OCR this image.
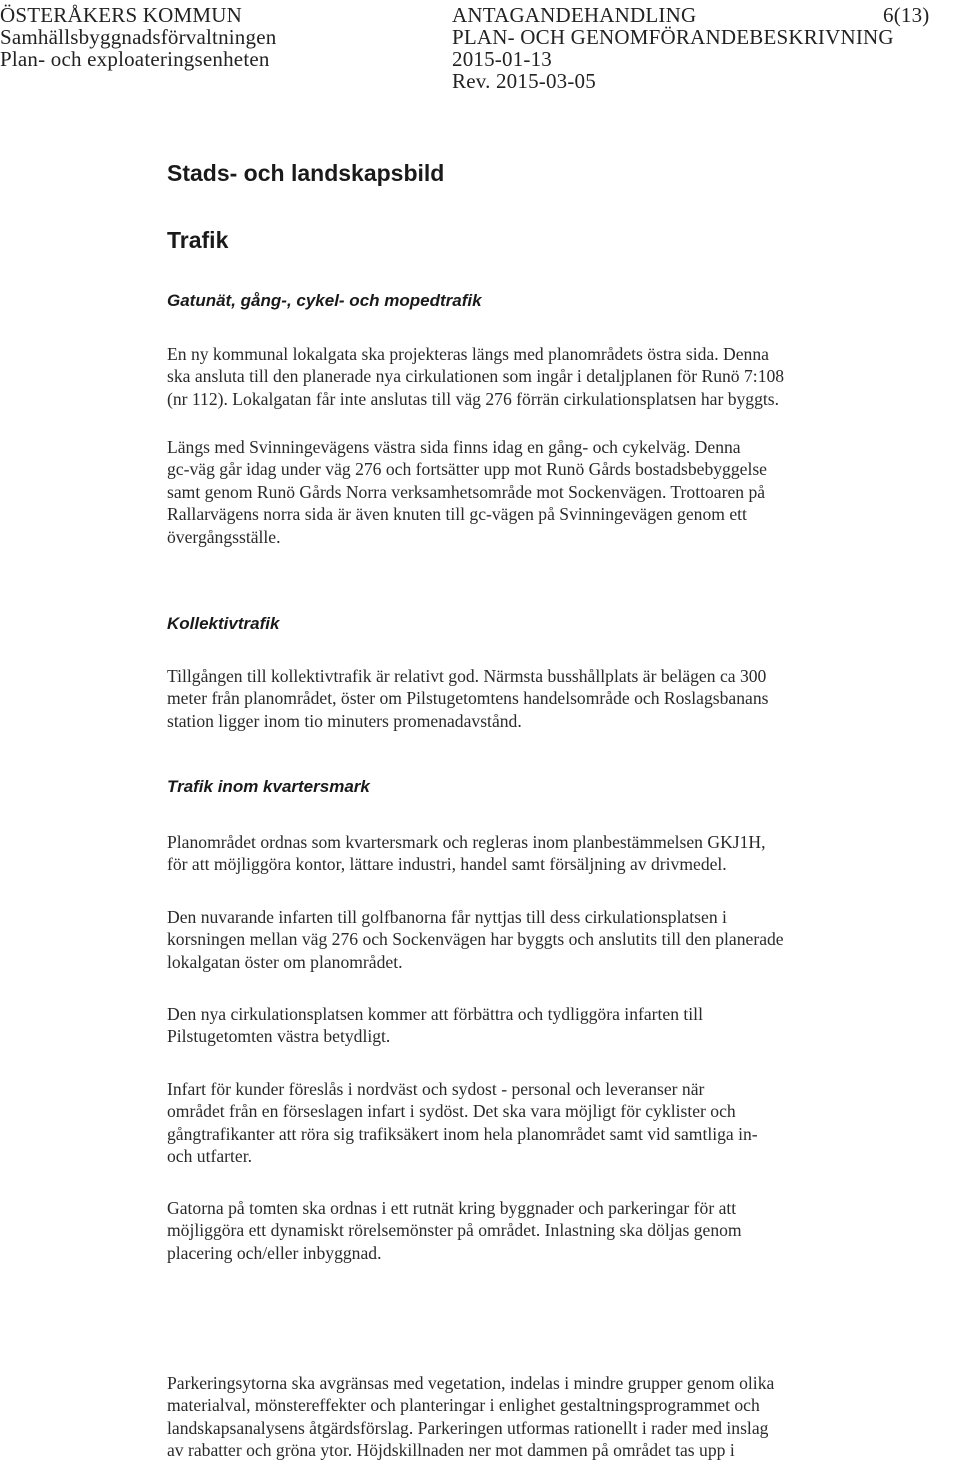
ÖSTERÅKERS KOMMUN
Samhällsbyggnadsförvaltningen
Plan- och exploateringsenheten
ANTAGANDEHANDLING
PLAN- OCH GENOMFÖRANDEBESKRIVNING
2015-01-13
Rev. 2015-03-05
6(13)
Stads- och landskapsbild
Trafik
Gatunät, gång-, cykel- och mopedtrafik
En ny kommunal lokalgata ska projekteras längs med planområdets östra sida. Denna
ska ansluta till den planerade nya cirkulationen som ingår i detaljplanen för Runö 7:108
(nr 112). Lokalgatan får inte anslutas till väg 276 förrän cirkulationsplatsen har byggts.
Längs med Svinningevägens västra sida finns idag en gång- och cykelväg. Denna
gc-väg går idag under väg 276 och fortsätter upp mot Runö Gårds bostadsbebyggelse
samt genom Runö Gårds Norra verksamhetsområde mot Sockenvägen. Trottoaren på
Rallarvägens norra sida är även knuten till gc-vägen på Svinningevägen genom ett
övergångsställe.
Kollektivtrafik
Tillgången till kollektivtrafik är relativt god. Närmsta busshållplats är belägen ca 300
meter från planområdet, öster om Pilstugetomtens handelsområde och Roslagsbanans
station ligger inom tio minuters promenadavstånd.
Trafik inom kvartersmark
Planområdet ordnas som kvartersmark och regleras inom planbestämmelsen GKJ1H,
för att möjliggöra kontor, lättare industri, handel samt försäljning av drivmedel.
Den nuvarande infarten till golfbanorna får nyttjas till dess cirkulationsplatsen i
korsningen mellan väg 276 och Sockenvägen har byggts och anslutits till den planerade
lokalgatan öster om planområdet.
Den nya cirkulationsplatsen kommer att förbättra och tydliggöra infarten till
Pilstugetomten västra betydligt.
Infart för kunder föreslås i nordväst och sydost - personal och leveranser när
området från en förseslagen infart i sydöst. Det ska vara möjligt för cyklister och
gångtrafikanter att röra sig trafiksäkert inom hela planområdet samt vid samtliga in-
och utfarter.
Gatorna på tomten ska ordnas i ett rutnät kring byggnader och parkeringar för att
möjliggöra ett dynamiskt rörelsemönster på området. Inlastning ska döljas genom
placering och/eller inbyggnad.
Parkeringsytorna ska avgränsas med vegetation, indelas i mindre grupper genom olika
materialval, mönstereffekter och planteringar i enlighet gestaltningsprogrammet och
landskapsanalysens åtgärdsförslag. Parkeringen utformas rationellt i rader med inslag
av rabatter och gröna ytor. Höjdskillnaden ner mot dammen på området tas upp i
